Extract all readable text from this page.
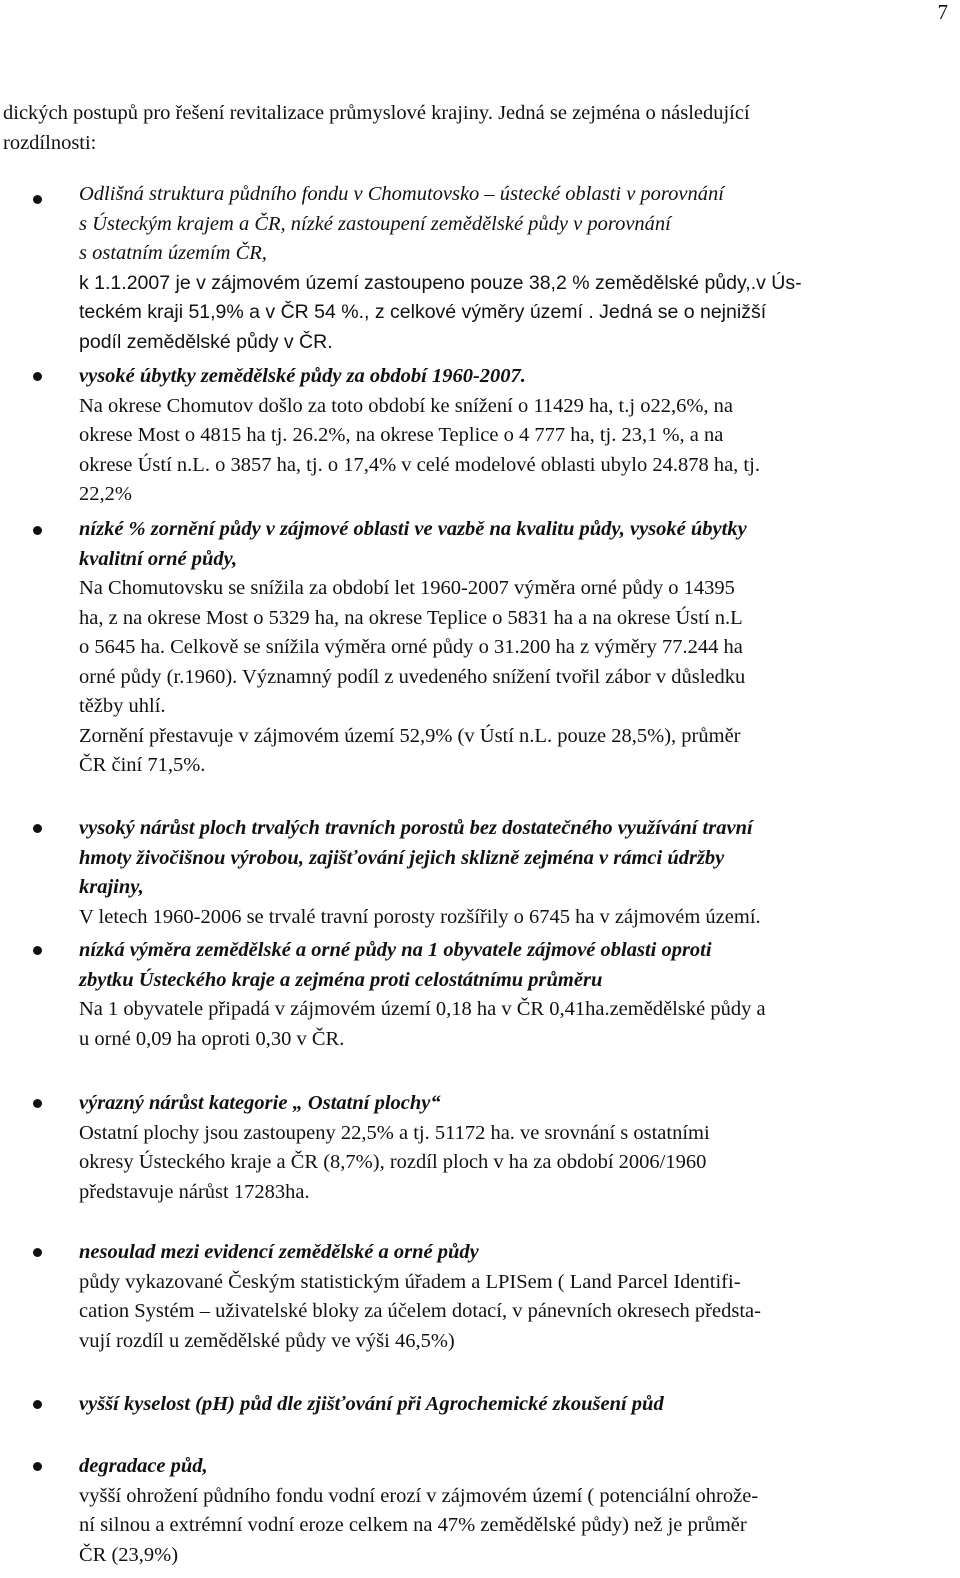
7
dických postupů pro řešení revitalizace průmyslové krajiny. Jedná se zejména o následující
rozdílnosti:
Odlišná struktura půdního fondu v Chomutovsko – ústecké oblasti v porovnání
s Ústeckým krajem a ČR, nízké zastoupení zemědělské půdy v porovnání
s ostatním územím ČR,
k 1.1.2007 je v zájmovém území zastoupeno pouze 38,2 % zemědělské půdy,.v Ús-
teckém kraji 51,9% a v ČR 54 %., z celkové výměry území . Jedná se o nejnižší
podíl zemědělské půdy v ČR.
vysoké úbytky zemědělské půdy za období 1960-2007.
Na okrese Chomutov došlo za toto období ke snížení o 11429 ha, t.j o22,6%, na
okrese Most o 4815 ha tj. 26.2%, na okrese Teplice o 4 777 ha, tj. 23,1 %, a na
okrese Ústí n.L. o 3857 ha, tj. o 17,4% v celé modelové oblasti ubylo 24.878 ha, tj.
22,2%
nízké % zornění půdy v zájmové oblasti ve vazbě na kvalitu půdy, vysoké úbytky
kvalitní orné půdy,
Na Chomutovsku se snížila za období let 1960-2007 výměra orné půdy o 14395
ha, z na okrese Most o 5329 ha, na okrese Teplice o 5831 ha a na okrese Ústí n.L
o 5645 ha. Celkově se snížila výměra orné půdy o 31.200 ha z výměry 77.244 ha
orné půdy (r.1960). Významný podíl z uvedeného snížení tvořil zábor v důsledku
těžby uhlí.
Zornění přestavuje v zájmovém území 52,9% (v Ústí n.L. pouze 28,5%), průměr
ČR činí 71,5%.
vysoký nárůst ploch trvalých travních porostů bez dostatečného využívání travní
hmoty živočišnou výrobou, zajišťování jejich sklizně zejména v rámci údržby
krajiny,
V letech 1960-2006 se trvalé travní porosty rozšířily o 6745 ha v zájmovém území.
nízká výměra zemědělské a orné půdy na 1 obyvatele zájmové oblasti oproti
zbytku Ústeckého kraje a zejména proti celostátnímu průměru
Na 1 obyvatele připadá v zájmovém území 0,18 ha v ČR 0,41ha.zemědělské půdy a
u orné 0,09 ha oproti 0,30 v ČR.
výrazný nárůst kategorie „ Ostatní plochy“
Ostatní plochy jsou zastoupeny 22,5% a tj. 51172 ha. ve srovnání s ostatními
okresy Ústeckého kraje a ČR (8,7%), rozdíl ploch v ha za období 2006/1960
představuje nárůst 17283ha.
nesoulad mezi evidencí zemědělské a orné půdy
půdy vykazované Českým statistickým úřadem a LPISem ( Land Parcel Identifi-
cation Systém – uživatelské bloky za účelem dotací, v pánevních okresech předsta-
vují rozdíl u zemědělské půdy ve výši 46,5%)
vyšší kyselost (pH) půd dle zjišťování při Agrochemické zkoušení půd
degradace půd,
vyšší ohrožení půdního fondu vodní erozí v zájmovém území ( potenciální ohrože-
ní silnou a extrémní vodní eroze celkem na 47% zemědělské půdy) než je průměr
ČR (23,9%)
